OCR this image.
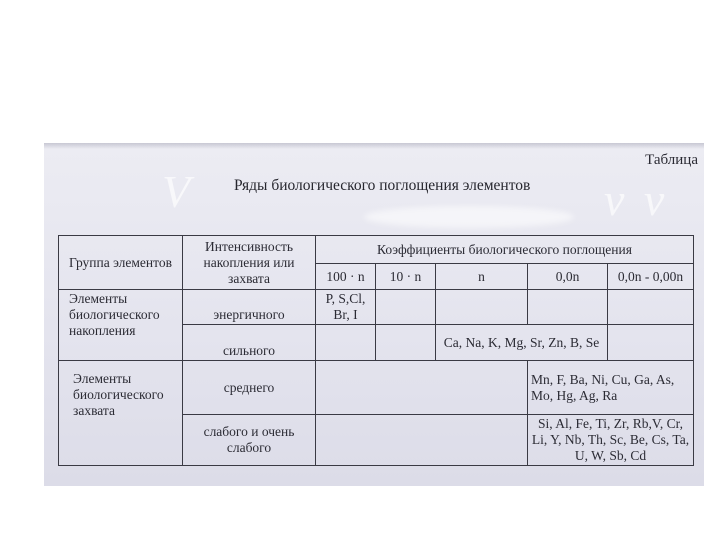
V	v v
Таблица
Ряды биологического поглощения элементов
Группа элементов	Интенсивность накопления или захвата	Коэффициенты биологического поглощения				
		100 · n	10 · n	n	0,0n	0,0n - 0,00n
Элементы биологического накопления	энергичного	P, S,Cl, Br, I				
	сильного			Ca, Na, K, Mg, Sr, Zn, B, Se		
Элементы биологического захвата	среднего				Mn, F, Ba, Ni, Cu, Ga, As, Mo, Hg, Ag, Ra	
	слабого и очень слабого				Si, Al, Fe, Ti, Zr, Rb,V, Cr, Li, Y, Nb, Th, Sc, Be, Cs, Ta, U, W, Sb, Cd	
